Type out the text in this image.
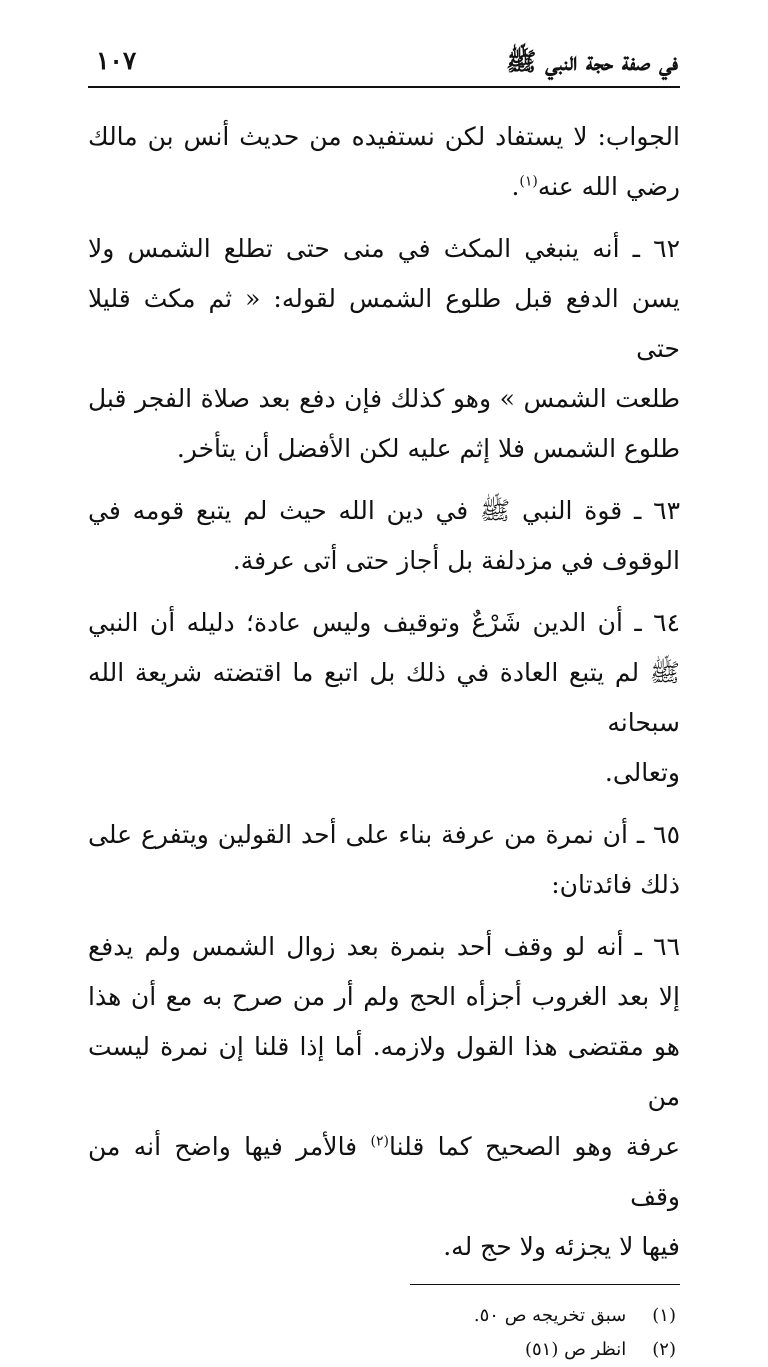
في صفة حجة النبي ﷺ
١٠٧

الجواب: لا يستفاد لكن نستفيده من حديث أنس بن مالك
رضي الله عنه$^{(١)}$.

٦٢ ـ أنه ينبغي المكث في منى حتى تطلع الشمس ولا
يسن الدفع قبل طلوع الشمس لقوله: « ثم مكث قليلا حتى
طلعت الشمس » وهو كذلك فإن دفع بعد صلاة الفجر قبل
طلوع الشمس فلا إثم عليه لكن الأفضل أن يتأخر.

٦٣ ـ قوة النبي ﷺ في دين الله حيث لم يتبع قومه في
الوقوف في مزدلفة بل أجاز حتى أتى عرفة.

٦٤ ـ أن الدين شَرْعٌ وتوقيف وليس عادة؛ دليله أن النبي
ﷺ لم يتبع العادة في ذلك بل اتبع ما اقتضته شريعة الله سبحانه
وتعالى.

٦٥ ـ أن نمرة من عرفة بناء على أحد القولين ويتفرع على
ذلك فائدتان:

٦٦ ـ أنه لو وقف أحد بنمرة بعد زوال الشمس ولم يدفع
إلا بعد الغروب أجزأه الحج ولم أر من صرح به مع أن هذا
هو مقتضى هذا القول ولازمه. أما إذا قلنا إن نمرة ليست من
عرفة وهو الصحيح كما قلنا$^{(٢)}$ فالأمر فيها واضح أنه من وقف
فيها لا يجزئه ولا حج له.

(١) سبق تخريجه ص ٥٠.
(٢) انظر ص (٥١)
